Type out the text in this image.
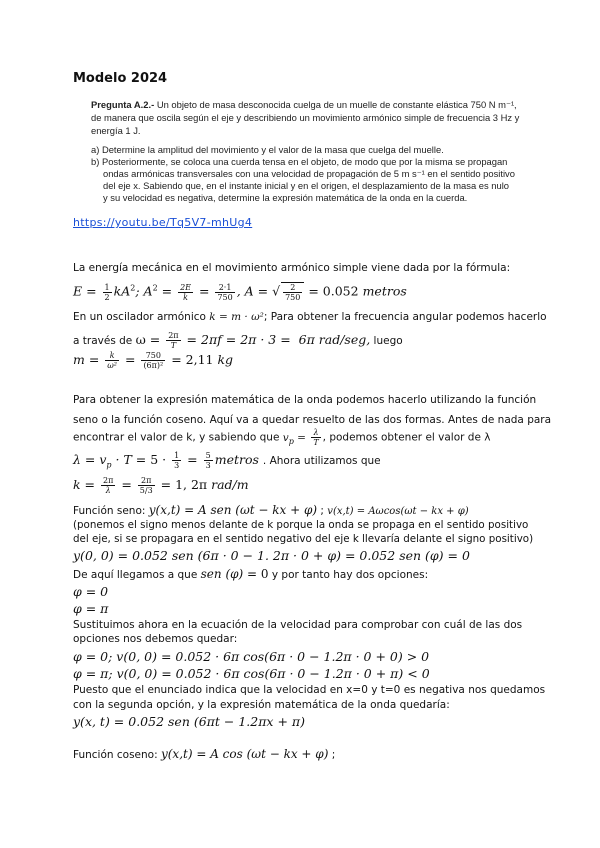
Modelo 2024
Pregunta A.2.- Un objeto de masa desconocida cuelga de un muelle de constante elástica 750 N m⁻¹,
de manera que oscila según el eje y describiendo un movimiento armónico simple de frecuencia 3 Hz y
energía 1 J.
a) Determine la amplitud del movimiento y el valor de la masa que cuelga del muelle.
b) Posteriormente, se coloca una cuerda tensa en el objeto, de modo que por la misma se propagan
ondas armónicas transversales con una velocidad de propagación de 5 m s⁻¹ en el sentido positivo
del eje x. Sabiendo que, en el instante inicial y en el origen, el desplazamiento de la masa es nulo
y su velocidad es negativa, determine la expresión matemática de la onda en la cuerda.
https://youtu.be/Tq5V7-mhUg4
La energía mecánica en el movimiento armónico simple viene dada por la fórmula:
$E = \frac{1}{2} kA^2$; $A^2 = \frac{2E}{k} = \frac{2\cdot 1}{750}$ , A = √ $\frac{2}{750} = 0.052$ metros
En un oscilador armónico k = m · ω²; Para obtener la frecuencia angular podemos hacerlo
a través de $\omega = \frac{2\pi}{T} = 2\pi f = 2\pi \cdot 3 = 6\pi$ rad/seg, luego
$m = \frac{k}{\text{ω²}} = \frac{750}{\text{(6π)²}} = 2,11$ kg
Para obtener la expresión matemática de la onda podemos hacerlo utilizando la función
seno o la función coseno. Aquí va a quedar resuelto de las dos formas. Antes de nada para
encontrar el valor de k, y sabiendo que $v_p = \frac{\lambda}{T}$ , podemos obtener el valor de λ
$\lambda = v_p \cdot T = 5 \cdot \frac{1}{3} = \frac{5}{3}$ metros . Ahora utilizamos que
$k = \frac{2\pi}{\lambda} = \frac{2\pi}{5/3} = 1$, 2π rad/m
Función seno: y(x,t) = A sen (ωt − kx + φ) ; v(x,t) = Aωcos(ωt − kx + φ)
(ponemos el signo menos delante de k porque la onda se propaga en el sentido positivo
del eje, si se propagara en el sentido negativo del eje k llevaría delante el signo positivo)
y(0, 0) = 0.052 sen (6π · 0 − 1. 2π · 0 + φ) = 0.052 sen (φ) = 0
De aquí llegamos a que sen (φ) = 0 y por tanto hay dos opciones:
φ = 0
φ = π
Sustituimos ahora en la ecuación de la velocidad para comprobar con cuál de las dos
opciones nos debemos quedar:
φ = 0; v(0, 0) = 0.052 · 6π cos(6π · 0 − 1.2π · 0 + 0) > 0
φ = π; v(0, 0) = 0.052 · 6π cos(6π · 0 − 1.2π · 0 + π) < 0
Puesto que el enunciado indica que la velocidad en x=0 y t=0 es negativa nos quedamos
con la segunda opción, y la expresión matemática de la onda quedaría:
y(x, t) = 0.052 sen (6πt − 1.2πx + π)
Función coseno: y(x,t) = A cos (ωt − kx + φ) ;
